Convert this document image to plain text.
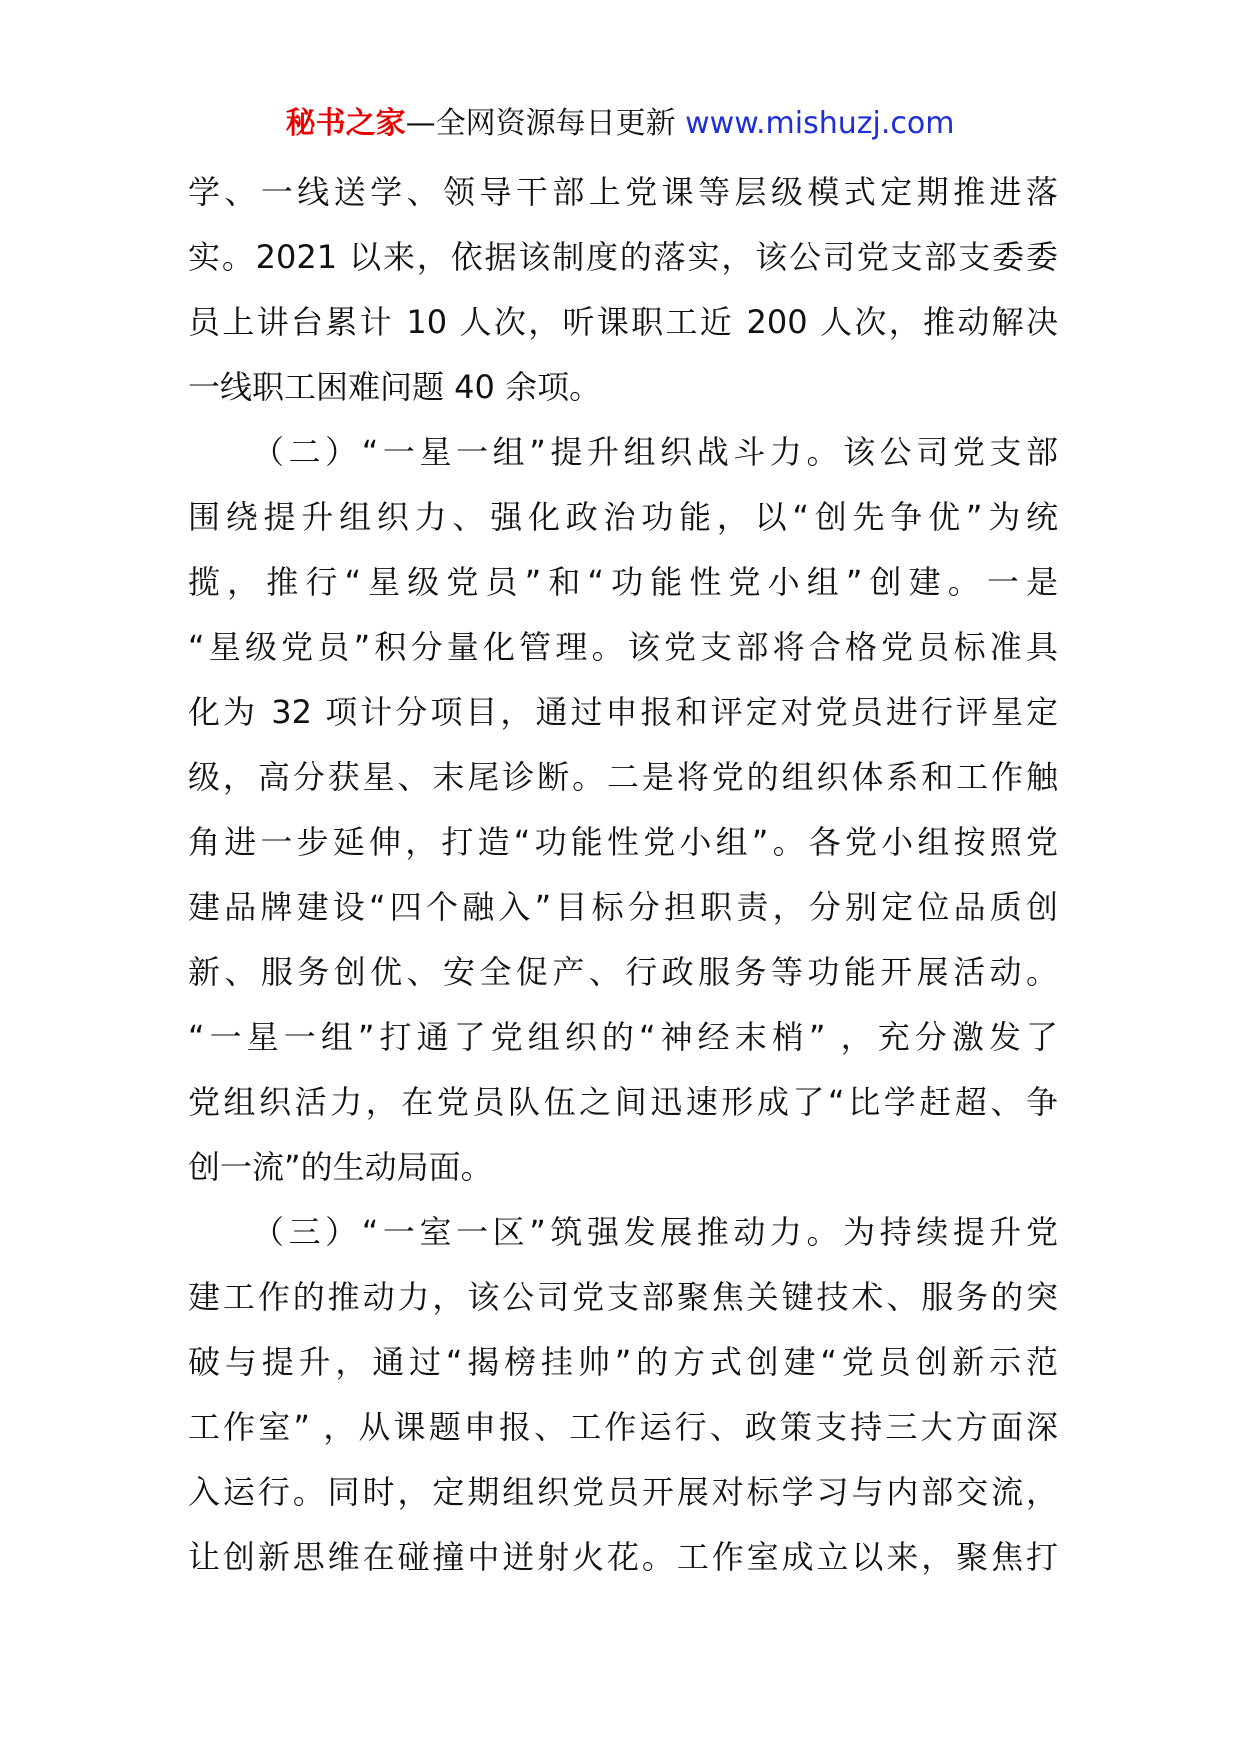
秘书之家—全网资源每日更新 www.mishuzj.com
学、一线送学、领导干部上党课等层级模式定期推进落
实。2021 以来，依据该制度的落实，该公司党支部支委委
员上讲台累计 10 人次，听课职工近 200 人次，推动解决
一线职工困难问题 40 余项。
（二）“一星一组”提升组织战斗力。该公司党支部
围绕提升组织力、强化政治功能，以“创先争优”为统
揽，推行“星级党员”和“功能性党小组”创建。一是
“星级党员”积分量化管理。该党支部将合格党员标准具
化为 32 项计分项目，通过申报和评定对党员进行评星定
级，高分获星、末尾诊断。二是将党的组织体系和工作触
角进一步延伸，打造“功能性党小组”。各党小组按照党
建品牌建设“四个融入”目标分担职责，分别定位品质创
新、服务创优、安全促产、行政服务等功能开展活动。
“一星一组”打通了党组织的“神经末梢” ，充分激发了
党组织活力，在党员队伍之间迅速形成了“比学赶超、争
创一流”的生动局面。
（三）“一室一区”筑强发展推动力。为持续提升党
建工作的推动力，该公司党支部聚焦关键技术、服务的突
破与提升，通过“揭榜挂帅”的方式创建“党员创新示范
工作室” ，从课题申报、工作运行、政策支持三大方面深
入运行。同时，定期组织党员开展对标学习与内部交流，
让创新思维在碰撞中迸射火花。工作室成立以来，聚焦打
